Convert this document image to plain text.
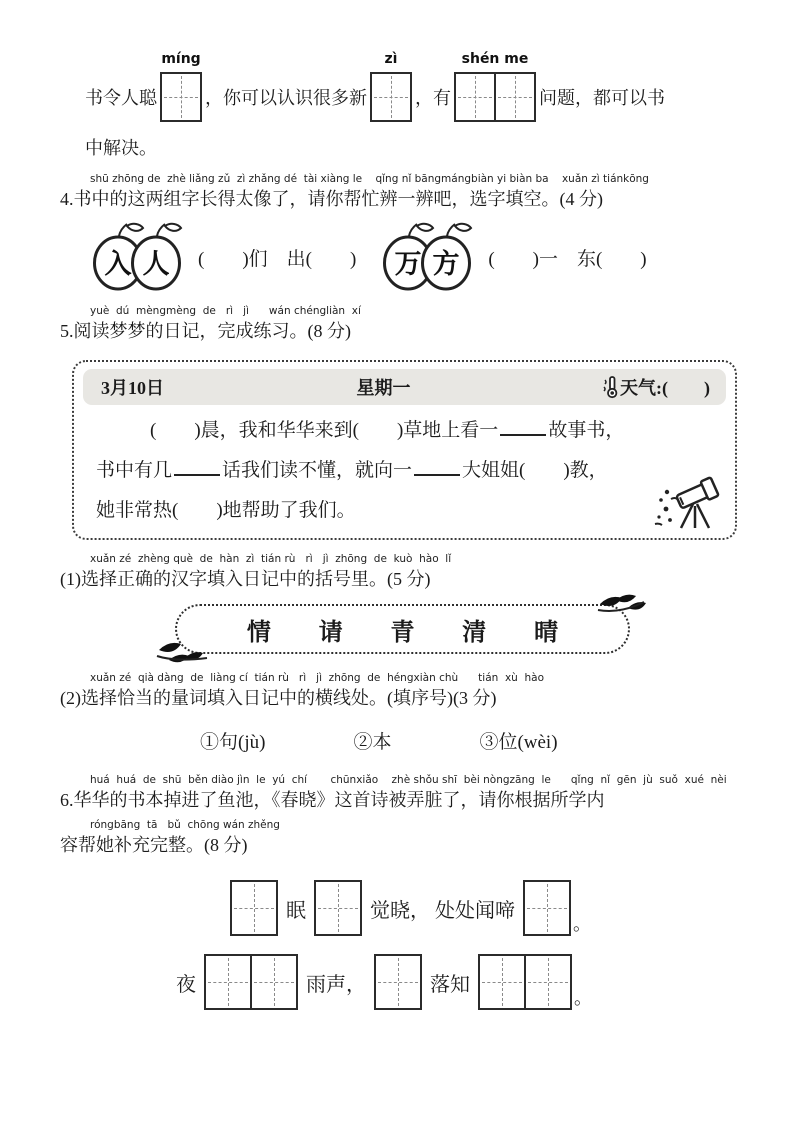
书令人聪
míng
，你可以认识很多新
zì
，有
shén me
问题，都可以书
中解决。
shū zhōng de  zhè liǎng zǔ  zì zhǎng dé  tài xiàng le    qǐng nǐ bāngmángbiàn yi biàn ba    xuǎn zì tiánkōng
4.书中的这两组字长得太像了，请你帮忙辨一辨吧，选字填空。(4 分)
入 人 (　　)们　出(　　) 万 方 (　　)一　东(　　)
yuè  dú  mèngmèng  de   rì   jì      wán chéngliàn  xí
5.阅读梦梦的日记，完成练习。(8 分)
3月10日	星期一	天气:(　　)
(　　)晨，我和华华来到(　　)草地上看一	故事书，
书中有几	话我们读不懂，就向一	大姐姐(　　)教，
她非常热(　　)地帮助了我们。
xuǎn zé  zhèng què  de  hàn  zì  tián rù   rì   jì  zhōng  de  kuò  hào  lǐ
(1)选择正确的汉字填入日记中的括号里。(5 分)
情 请 青 清 晴
xuǎn zé  qià dàng  de  liàng cí  tián rù   rì   jì  zhōng  de  héngxiàn chù      tián  xù  hào
(2)选择恰当的量词填入日记中的横线处。(填序号)(3 分)
①句(jù)	②本	③位(wèi)
huá  huá  de  shū  běn diào jìn  le  yú  chí       chūnxiǎo    zhè shǒu shī  bèi nòngzāng  le      qǐng  nǐ  gēn  jù  suǒ  xué  nèi
6.华华的书本掉进了鱼池，《春晓》这首诗被弄脏了，请你根据所学内
róngbāng  tā   bǔ  chōng wán zhěng
容帮她补充完整。(8 分)
眠	觉晓， 处处闻啼
。
夜	雨声，	落知
。
